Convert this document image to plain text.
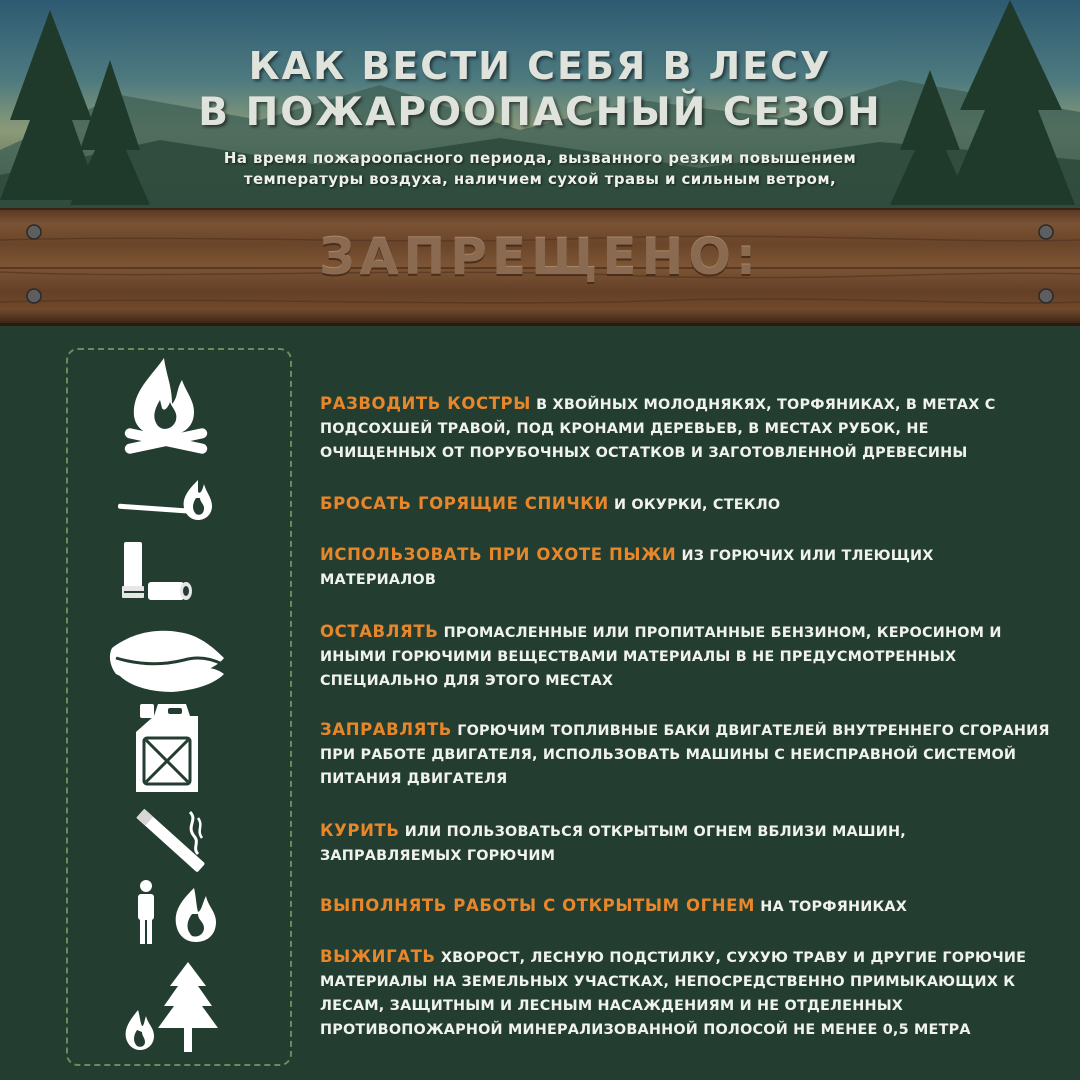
КАК ВЕСТИ СЕБЯ В ЛЕСУ
В ПОЖАРООПАСНЫЙ СЕЗОН
На время пожароопасного периода, вызванного резким повышением
температуры воздуха, наличием сухой травы и сильным ветром,
ЗАПРЕЩЕНО:
РАЗВОДИТЬ КОСТРЫ В ХВОЙНЫХ МОЛОДНЯКЯХ, ТОРФЯНИКАХ, В МЕТАХ С ПОДСОХШЕЙ ТРАВОЙ, ПОД КРОНАМИ ДЕРЕВЬЕВ, В МЕСТАХ РУБОК, НЕ ОЧИЩЕННЫХ ОТ ПОРУБОЧНЫХ ОСТАТКОВ И ЗАГОТОВЛЕННОЙ ДРЕВЕСИНЫ
БРОСАТЬ ГОРЯЩИЕ СПИЧКИ И ОКУРКИ, СТЕКЛО
ИСПОЛЬЗОВАТЬ ПРИ ОХОТЕ ПЫЖИ ИЗ ГОРЮЧИХ ИЛИ ТЛЕЮЩИХ МАТЕРИАЛОВ
ОСТАВЛЯТЬ ПРОМАСЛЕННЫЕ ИЛИ ПРОПИТАННЫЕ БЕНЗИНОМ, КЕРОСИНОМ И ИНЫМИ ГОРЮЧИМИ ВЕЩЕСТВАМИ МАТЕРИАЛЫ В НЕ ПРЕДУСМОТРЕННЫХ СПЕЦИАЛЬНО ДЛЯ ЭТОГО МЕСТАХ
ЗАПРАВЛЯТЬ ГОРЮЧИМ ТОПЛИВНЫЕ БАКИ ДВИГАТЕЛЕЙ ВНУТРЕННЕГО СГОРАНИЯ ПРИ РАБОТЕ ДВИГАТЕЛЯ, ИСПОЛЬЗОВАТЬ МАШИНЫ С НЕИСПРАВНОЙ СИСТЕМОЙ ПИТАНИЯ ДВИГАТЕЛЯ
КУРИТЬ ИЛИ ПОЛЬЗОВАТЬСЯ ОТКРЫТЫМ ОГНЕМ ВБЛИЗИ МАШИН, ЗАПРАВЛЯЕМЫХ ГОРЮЧИМ
ВЫПОЛНЯТЬ РАБОТЫ С ОТКРЫТЫМ ОГНЕМ НА ТОРФЯНИКАХ
ВЫЖИГАТЬ ХВОРОСТ, ЛЕСНУЮ ПОДСТИЛКУ, СУХУЮ ТРАВУ И ДРУГИЕ ГОРЮЧИЕ МАТЕРИАЛЫ НА ЗЕМЕЛЬНЫХ УЧАСТКАХ, НЕПОСРЕДСТВЕННО ПРИМЫКАЮЩИХ К ЛЕСАМ, ЗАЩИТНЫМ И ЛЕСНЫМ НАСАЖДЕНИЯМ И НЕ ОТДЕЛЕННЫХ ПРОТИВОПОЖАРНОЙ МИНЕРАЛИЗОВАННОЙ ПОЛОСОЙ НЕ МЕНЕЕ 0,5 МЕТРА
